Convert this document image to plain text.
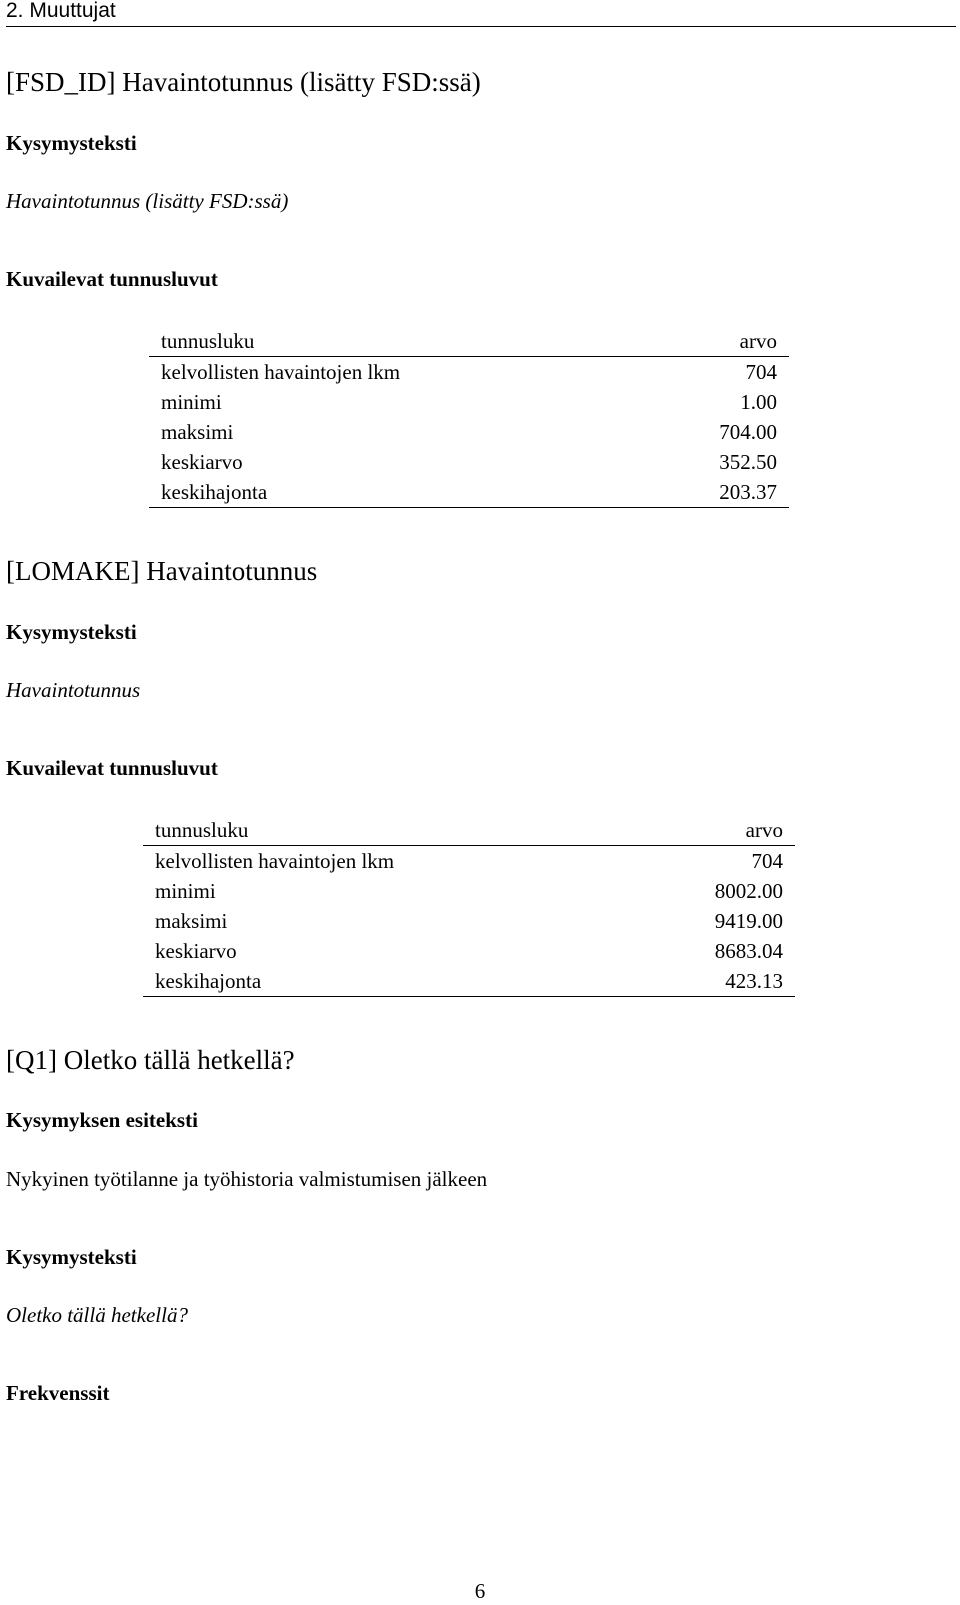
2. Muuttujat
[FSD_ID] Havaintotunnus (lisätty FSD:ssä)
Kysymysteksti
Havaintotunnus (lisätty FSD:ssä)
Kuvailevat tunnusluvut
tunnusluku	arvo
kelvollisten havaintojen lkm	704
minimi	1.00
maksimi	704.00
keskiarvo	352.50
keskihajonta	203.37
[LOMAKE] Havaintotunnus
Kysymysteksti
Havaintotunnus
Kuvailevat tunnusluvut
tunnusluku	arvo
kelvollisten havaintojen lkm	704
minimi	8002.00
maksimi	9419.00
keskiarvo	8683.04
keskihajonta	423.13
[Q1] Oletko tällä hetkellä?
Kysymyksen esiteksti
Nykyinen työtilanne ja työhistoria valmistumisen jälkeen
Kysymysteksti
Oletko tällä hetkellä?
Frekvenssit
6
